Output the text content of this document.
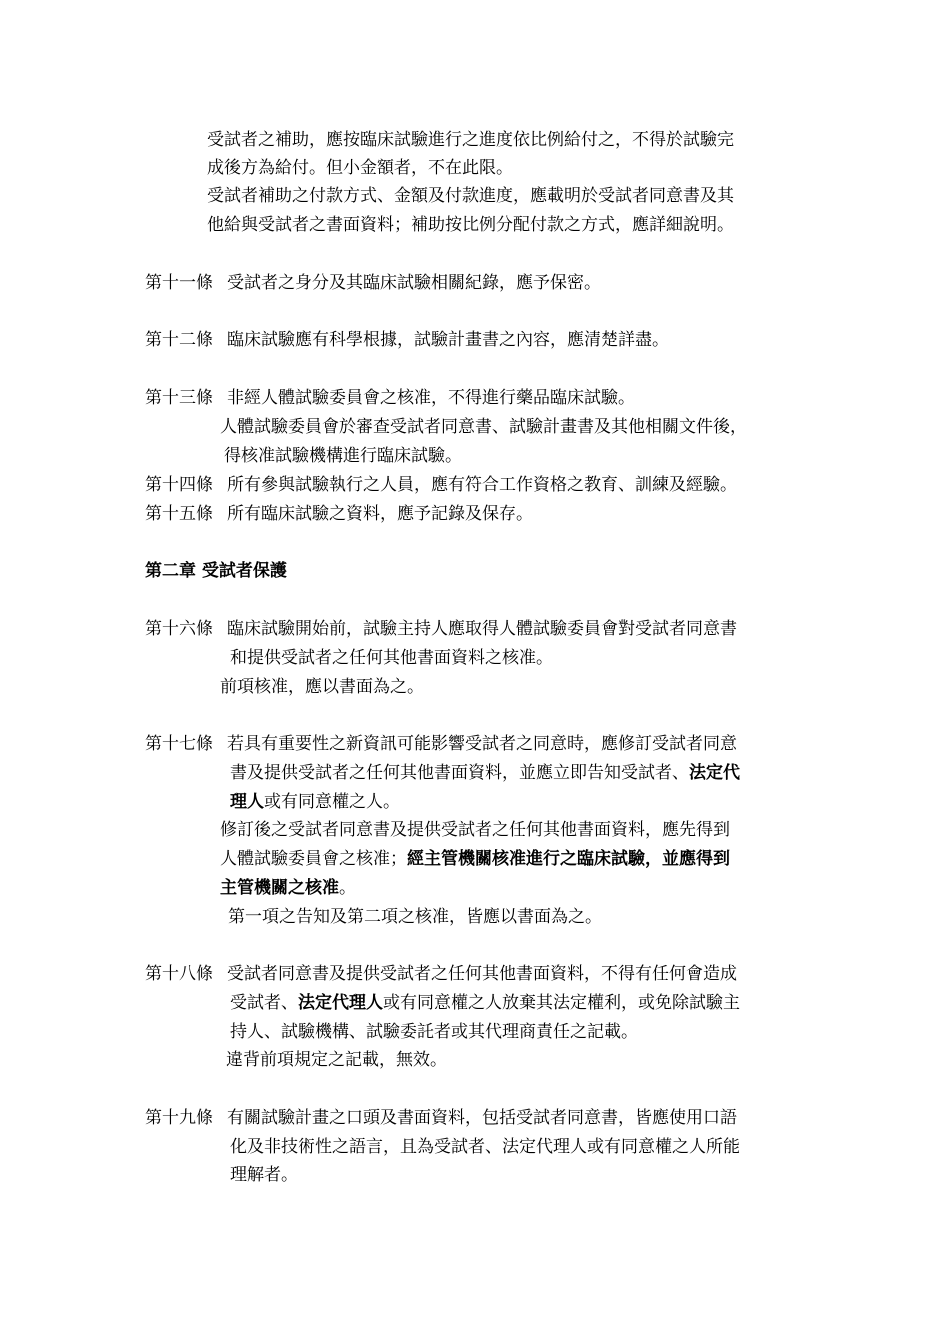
受試者之補助，應按臨床試驗進行之進度依比例給付之，不得於試驗完
成後方為給付。但小金額者，不在此限。
受試者補助之付款方式、金額及付款進度，應載明於受試者同意書及其
他給與受試者之書面資料；補助按比例分配付款之方式，應詳細說明。
第十一條 受試者之身分及其臨床試驗相關紀錄，應予保密。
第十二條 臨床試驗應有科學根據，試驗計畫書之內容，應清楚詳盡。
第十三條 非經人體試驗委員會之核准，不得進行藥品臨床試驗。
人體試驗委員會於審查受試者同意書、試驗計畫書及其他相關文件後，
得核准試驗機構進行臨床試驗。
第十四條 所有參與試驗執行之人員，應有符合工作資格之教育、訓練及經驗。
第十五條 所有臨床試驗之資料，應予記錄及保存。
第二章 受試者保護
第十六條 臨床試驗開始前，試驗主持人應取得人體試驗委員會對受試者同意書
和提供受試者之任何其他書面資料之核准。
前項核准，應以書面為之。
第十七條 若具有重要性之新資訊可能影響受試者之同意時，應修訂受試者同意
書及提供受試者之任何其他書面資料，並應立即告知受試者、法定代
理人或有同意權之人。
修訂後之受試者同意書及提供受試者之任何其他書面資料，應先得到
人體試驗委員會之核准；經主管機關核准進行之臨床試驗，並應得到
主管機關之核准。
第一項之告知及第二項之核准，皆應以書面為之。
第十八條 受試者同意書及提供受試者之任何其他書面資料，不得有任何會造成
受試者、法定代理人或有同意權之人放棄其法定權利，或免除試驗主
持人、試驗機構、試驗委託者或其代理商責任之記載。
違背前項規定之記載，無效。
第十九條 有關試驗計畫之口頭及書面資料，包括受試者同意書，皆應使用口語
化及非技術性之語言，且為受試者、法定代理人或有同意權之人所能
理解者。
